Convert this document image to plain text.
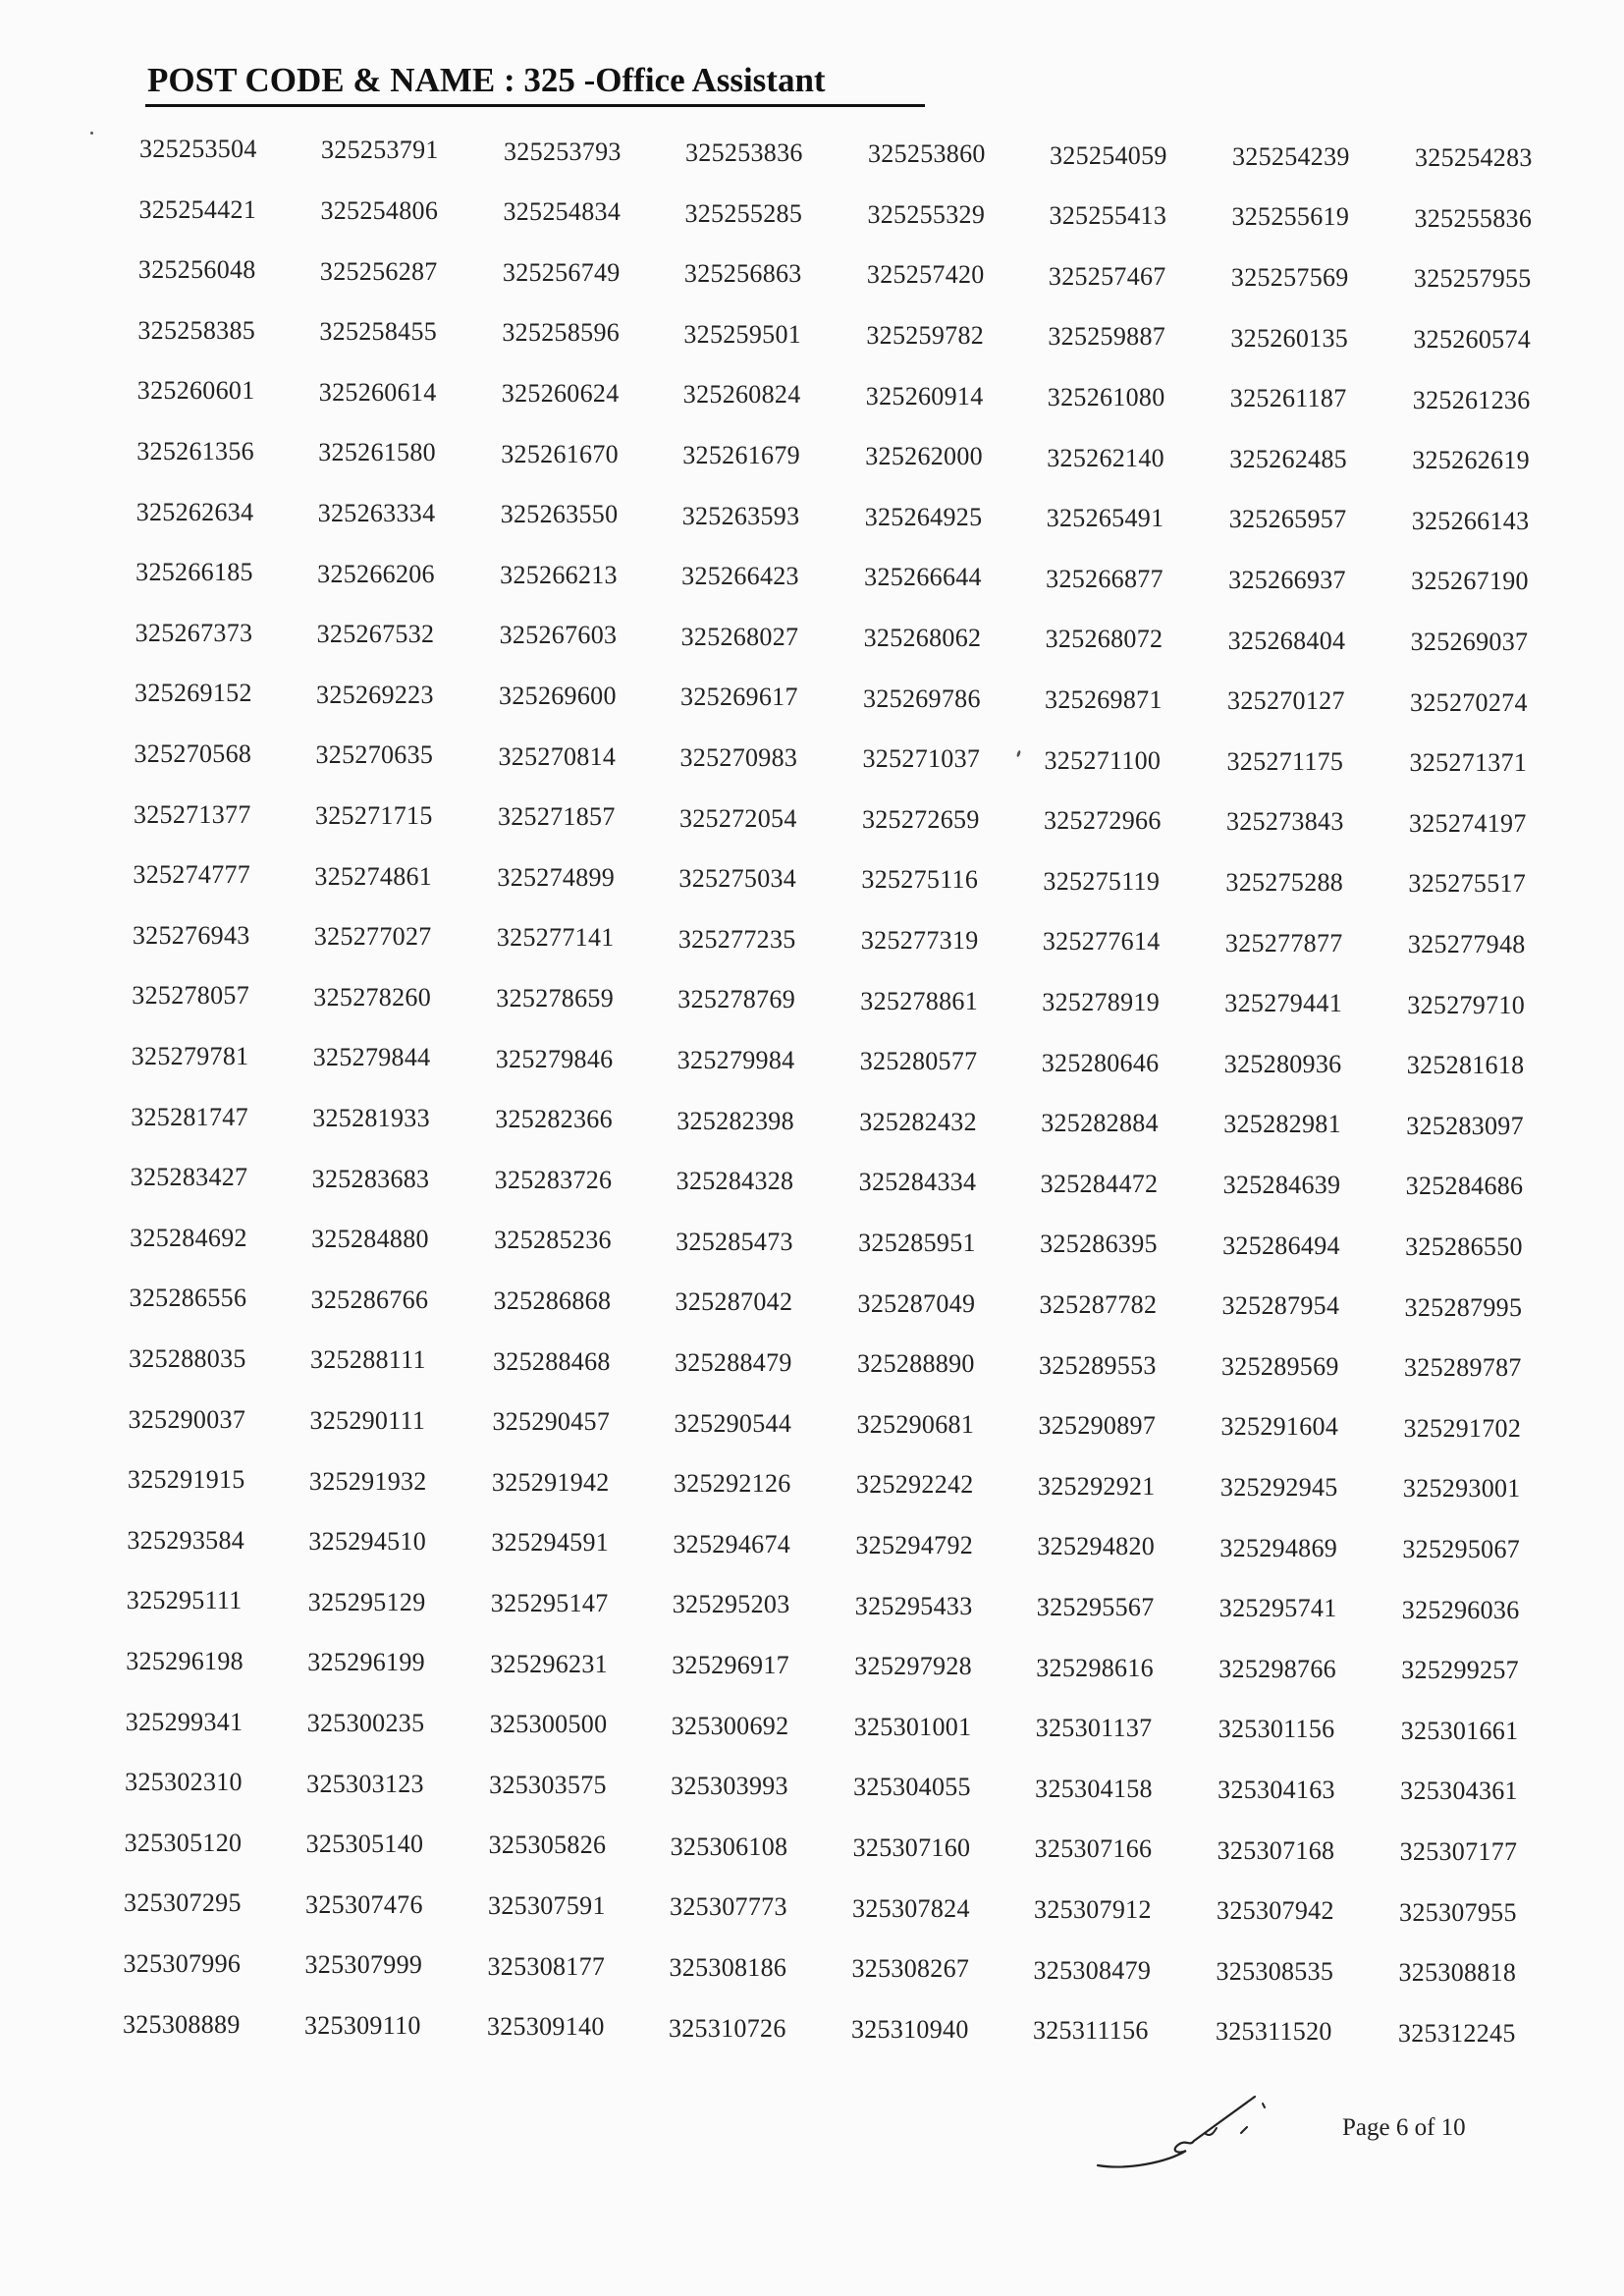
POST CODE & NAME : 325 -Office Assistant
325253504	325253791	325253793	325253836	325253860	325254059	325254239	325254283
325254421	325254806	325254834	325255285	325255329	325255413	325255619	325255836
325256048	325256287	325256749	325256863	325257420	325257467	325257569	325257955
325258385	325258455	325258596	325259501	325259782	325259887	325260135	325260574
325260601	325260614	325260624	325260824	325260914	325261080	325261187	325261236
325261356	325261580	325261670	325261679	325262000	325262140	325262485	325262619
325262634	325263334	325263550	325263593	325264925	325265491	325265957	325266143
325266185	325266206	325266213	325266423	325266644	325266877	325266937	325267190
325267373	325267532	325267603	325268027	325268062	325268072	325268404	325269037
325269152	325269223	325269600	325269617	325269786	325269871	325270127	325270274
325270568	325270635	325270814	325270983	325271037	325271100	325271175	325271371
325271377	325271715	325271857	325272054	325272659	325272966	325273843	325274197
325274777	325274861	325274899	325275034	325275116	325275119	325275288	325275517
325276943	325277027	325277141	325277235	325277319	325277614	325277877	325277948
325278057	325278260	325278659	325278769	325278861	325278919	325279441	325279710
325279781	325279844	325279846	325279984	325280577	325280646	325280936	325281618
325281747	325281933	325282366	325282398	325282432	325282884	325282981	325283097
325283427	325283683	325283726	325284328	325284334	325284472	325284639	325284686
325284692	325284880	325285236	325285473	325285951	325286395	325286494	325286550
325286556	325286766	325286868	325287042	325287049	325287782	325287954	325287995
325288035	325288111	325288468	325288479	325288890	325289553	325289569	325289787
325290037	325290111	325290457	325290544	325290681	325290897	325291604	325291702
325291915	325291932	325291942	325292126	325292242	325292921	325292945	325293001
325293584	325294510	325294591	325294674	325294792	325294820	325294869	325295067
325295111	325295129	325295147	325295203	325295433	325295567	325295741	325296036
325296198	325296199	325296231	325296917	325297928	325298616	325298766	325299257
325299341	325300235	325300500	325300692	325301001	325301137	325301156	325301661
325302310	325303123	325303575	325303993	325304055	325304158	325304163	325304361
325305120	325305140	325305826	325306108	325307160	325307166	325307168	325307177
325307295	325307476	325307591	325307773	325307824	325307912	325307942	325307955
325307996	325307999	325308177	325308186	325308267	325308479	325308535	325308818
325308889	325309110	325309140	325310726	325310940	325311156	325311520	325312245
Page 6 of 10
